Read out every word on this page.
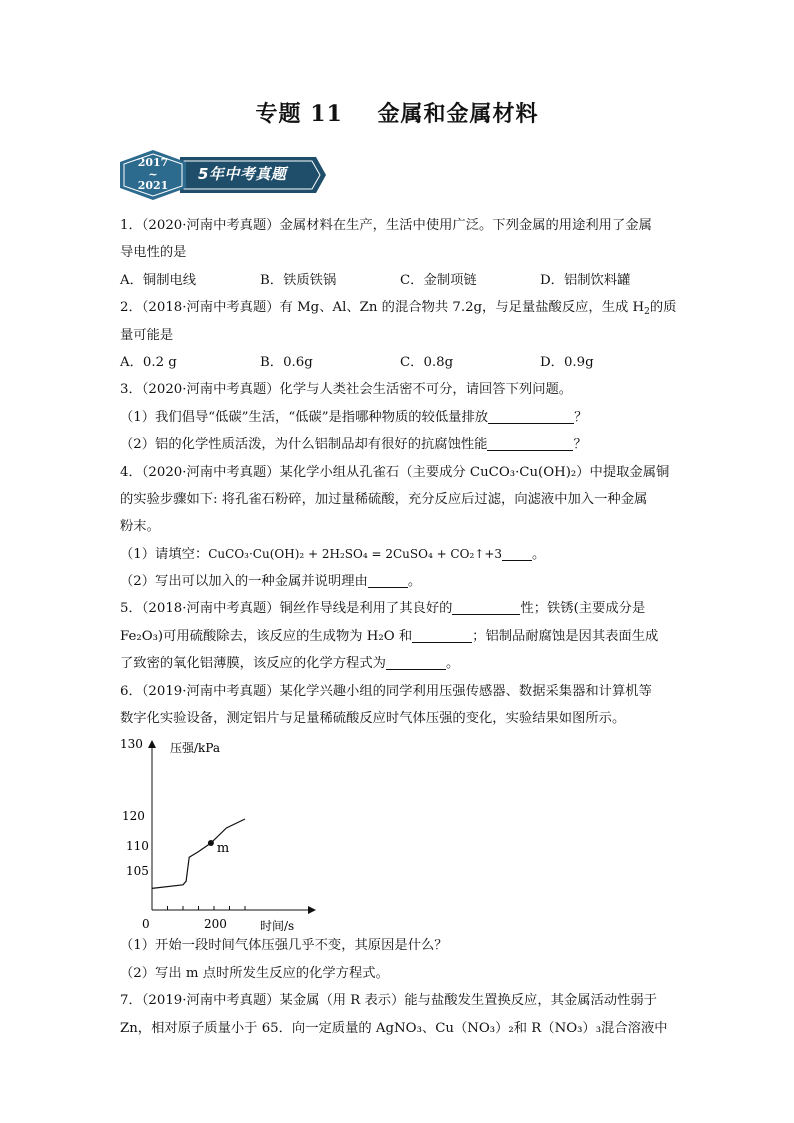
专题 11 金属和金属材料
2017
~
2021
5年中考真题
1．（2020·河南中考真题）金属材料在生产，生活中使用广泛。下列金属的用途利用了金属
导电性的是
A．铜制电线	B．铁质铁锅	C．金制项链	D．铝制饮料罐
2．（2018·河南中考真题）有 Mg、Al、Zn 的混合物共 7.2g，与足量盐酸反应，生成 $H_2$的质
量可能是
A．0.2 g	B．0.6g	C．0.8g	D．0.9g
3．（2020·河南中考真题）化学与人类社会生活密不可分，请回答下列问题。
（1）我们倡导“低碳”生活，“低碳”是指哪种物质的较低量排放	？
（2）铝的化学性质活泼，为什么铝制品却有很好的抗腐蚀性能	？
4．（2020·河南中考真题）某化学小组从孔雀石（主要成分 CuCO₃·Cu(OH)₂）中提取金属铜
的实验步骤如下: 将孔雀石粉碎，加过量稀硫酸，充分反应后过滤，向滤液中加入一种金属
粉末。
（1）请填空：CuCO₃·Cu(OH)₂ + 2H₂SO₄ = 2CuSO₄ + CO₂↑+3 。
（2）写出可以加入的一种金属并说明理由	。
5．（2018·河南中考真题）铜丝作导线是利用了其良好的	性；铁锈(主要成分是
Fe₂O₃)可用硫酸除去，该反应的生成物为 H₂O 和	；铝制品耐腐蚀是因其表面生成
了致密的氧化铝薄膜，该反应的化学方程式为	。
6．（2019·河南中考真题）某化学兴趣小组的同学利用压强传感器、数据采集器和计算机等
数字化实验设备，测定铝片与足量稀硫酸反应时气体压强的变化，实验结果如图所示。
压强/kPa
时间/s
130
120
110
105
0	200
m
（1）开始一段时间气体压强几乎不变，其原因是什么？
（2）写出 m 点时所发生反应的化学方程式。
7．（2019·河南中考真题）某金属（用 R 表示）能与盐酸发生置换反应，其金属活动性弱于
Zn，相对原子质量小于 65．向一定质量的 AgNO₃、Cu（NO₃）₂和 R（NO₃）₃混合溶液中
